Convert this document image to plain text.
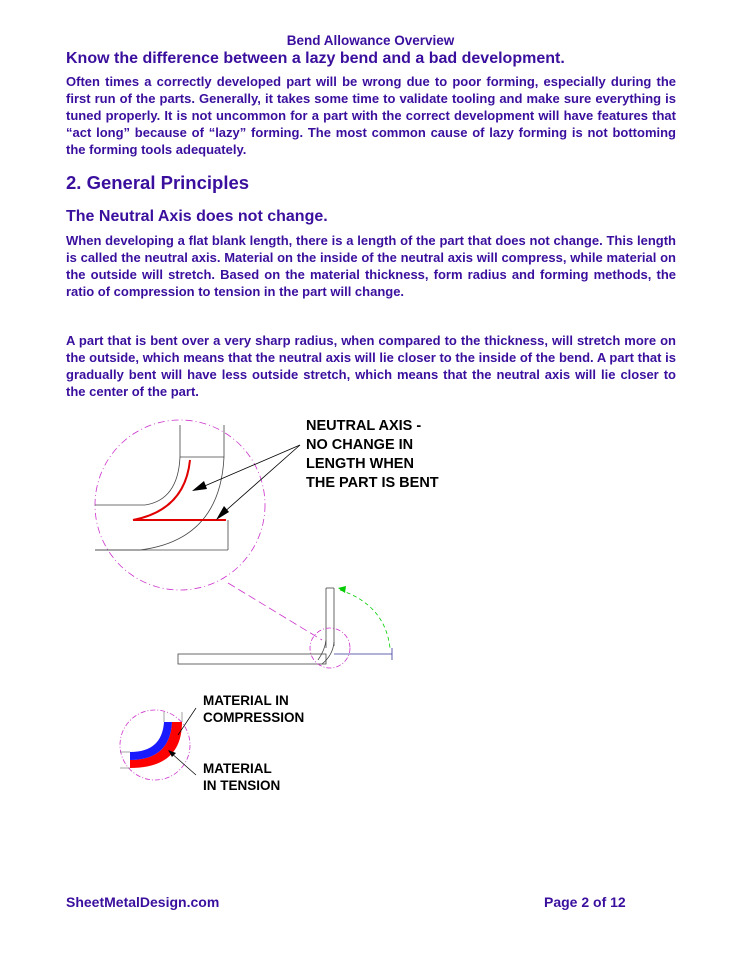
Bend Allowance Overview
Know the difference between a lazy bend and a bad development.

Often times a correctly developed part will be wrong due to poor forming, especially during the first run of the parts. Generally, it takes some time to validate tooling and make sure everything is tuned properly. It is not uncommon for a part with the correct development will have features that “act long” because of “lazy” forming. The most common cause of lazy forming is not bottoming the forming tools adequately.

2. General Principles
The Neutral Axis does not change.

When developing a flat blank length, there is a length of the part that does not change. This length is called the neutral axis. Material on the inside of the neutral axis will compress, while material on the outside will stretch. Based on the material thickness, form radius and forming methods, the ratio of compression to tension in the part will change.

A part that is bent over a very sharp radius, when compared to the thickness, will stretch more on the outside, which means that the neutral axis will lie closer to the inside of the bend. A part that is gradually bent will have less outside stretch, which means that the neutral axis will lie closer to the center of the part.

NEUTRAL AXIS -
NO CHANGE IN
LENGTH WHEN
THE PART IS BENT
MATERIAL IN
COMPRESSION
MATERIAL
IN TENSION
SheetMetalDesign.com	Page 2 of 12
